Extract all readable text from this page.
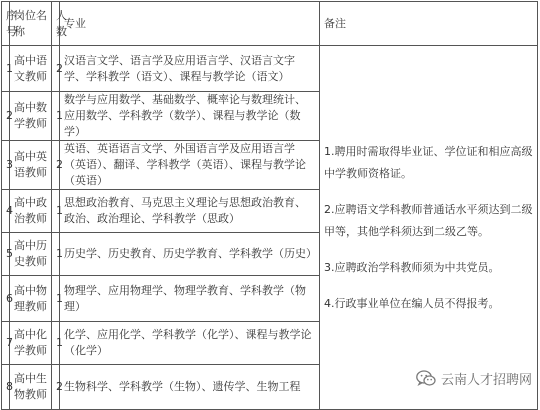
序号	岗位名称	人数	专业	备注
1	高中语文教师	2	汉语言文学、语言学及应用语言学、汉语言文字学、学科教学（语文）、课程与教学论（语文）	1.聘用时需取得毕业证、学位证和相应高级中学教师资格证。

2.应聘语文学科教师普通话水平须达到二级甲等，其他学科须达到二级乙等。

3.应聘政治学科教师须为中共党员。

4.行政事业单位在编人员不得报考。

2	高中数学教师	1	数学与应用数学、基础数学、概率论与数理统计、应用数学、学科教学（数学）、课程与教学论（数学）	
3	高中英语教师	2	英语、英语语言文学、外国语言学及应用语言学（英语）、翻译、学科教学（英语）、课程与教学论（英语）	
4	高中政治教师	1	思想政治教育、马克思主义理论与思想政治教育、政治、政治理论、学科教学（思政）	
5	高中历史教师	1	历史学、历史教育、历史学教育、学科教学（历史）	
6	高中物理教师	1	物理学、应用物理学、物理学教育、学科教学（物理）	
7	高中化学教师	1	化学、应用化学、学科教学（化学）、课程与教学论（化学）	
8	高中生物教师	2	生物科学、学科教学（生物）、遗传学、生物工程		云南人才招聘网
